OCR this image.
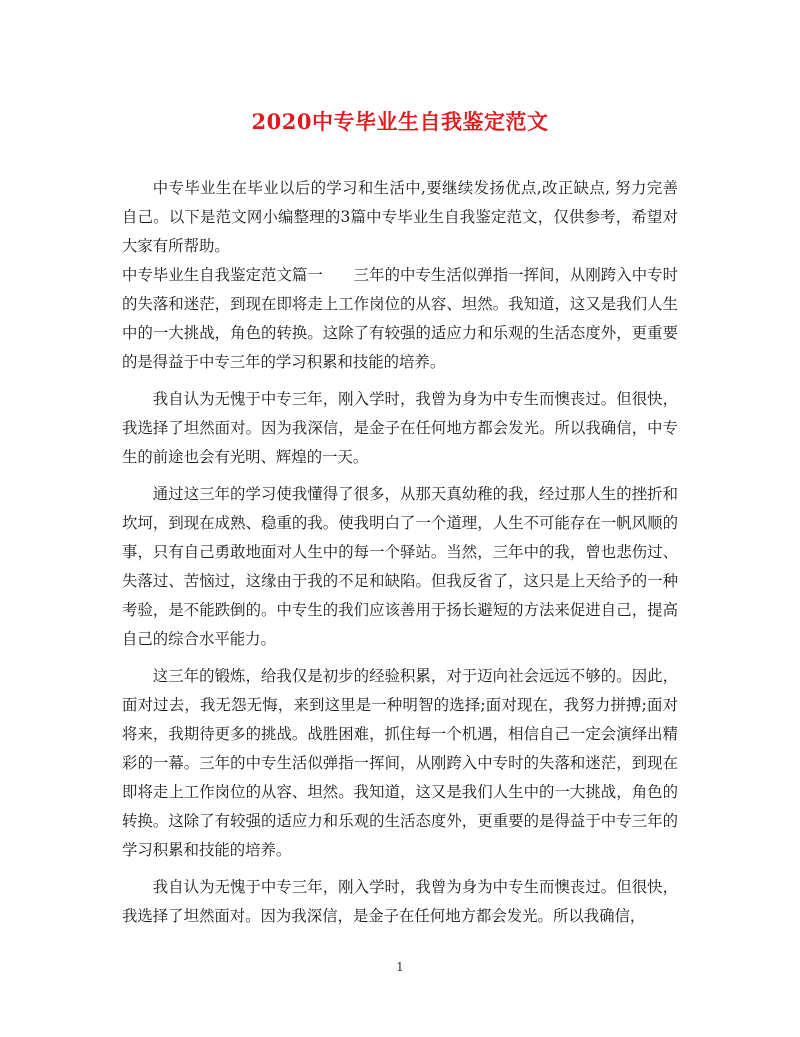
2020中专毕业生自我鉴定范文

中专毕业生在毕业以后的学习和生活中,要继续发扬优点,改正缺点, 努力完善自己。以下是范文网小编整理的3篇中专毕业生自我鉴定范文，仅供参考，希望对大家有所帮助。

中专毕业生自我鉴定范文篇一　　三年的中专生活似弹指一挥间，从刚跨入中专时的失落和迷茫，到现在即将走上工作岗位的从容、坦然。我知道，这又是我们人生中的一大挑战，角色的转换。这除了有较强的适应力和乐观的生活态度外，更重要的是得益于中专三年的学习积累和技能的培养。

我自认为无愧于中专三年，刚入学时，我曾为身为中专生而懊丧过。但很快，我选择了坦然面对。因为我深信，是金子在任何地方都会发光。所以我确信，中专生的前途也会有光明、辉煌的一天。

通过这三年的学习使我懂得了很多，从那天真幼稚的我，经过那人生的挫折和坎坷，到现在成熟、稳重的我。使我明白了一个道理，人生不可能存在一帆风顺的事，只有自己勇敢地面对人生中的每一个驿站。当然，三年中的我，曾也悲伤过、失落过、苦恼过，这缘由于我的不足和缺陷。但我反省了，这只是上天给予的一种考验，是不能跌倒的。中专生的我们应该善用于扬长避短的方法来促进自己，提高自己的综合水平能力。

这三年的锻炼，给我仅是初步的经验积累，对于迈向社会远远不够的。因此，面对过去，我无怨无悔，来到这里是一种明智的选择;面对现在，我努力拼搏;面对将来，我期待更多的挑战。战胜困难，抓住每一个机遇，相信自己一定会演绎出精彩的一幕。三年的中专生活似弹指一挥间，从刚跨入中专时的失落和迷茫，到现在即将走上工作岗位的从容、坦然。我知道，这又是我们人生中的一大挑战，角色的转换。这除了有较强的适应力和乐观的生活态度外，更重要的是得益于中专三年的学习积累和技能的培养。

我自认为无愧于中专三年，刚入学时，我曾为身为中专生而懊丧过。但很快，我选择了坦然面对。因为我深信，是金子在任何地方都会发光。所以我确信，

1
